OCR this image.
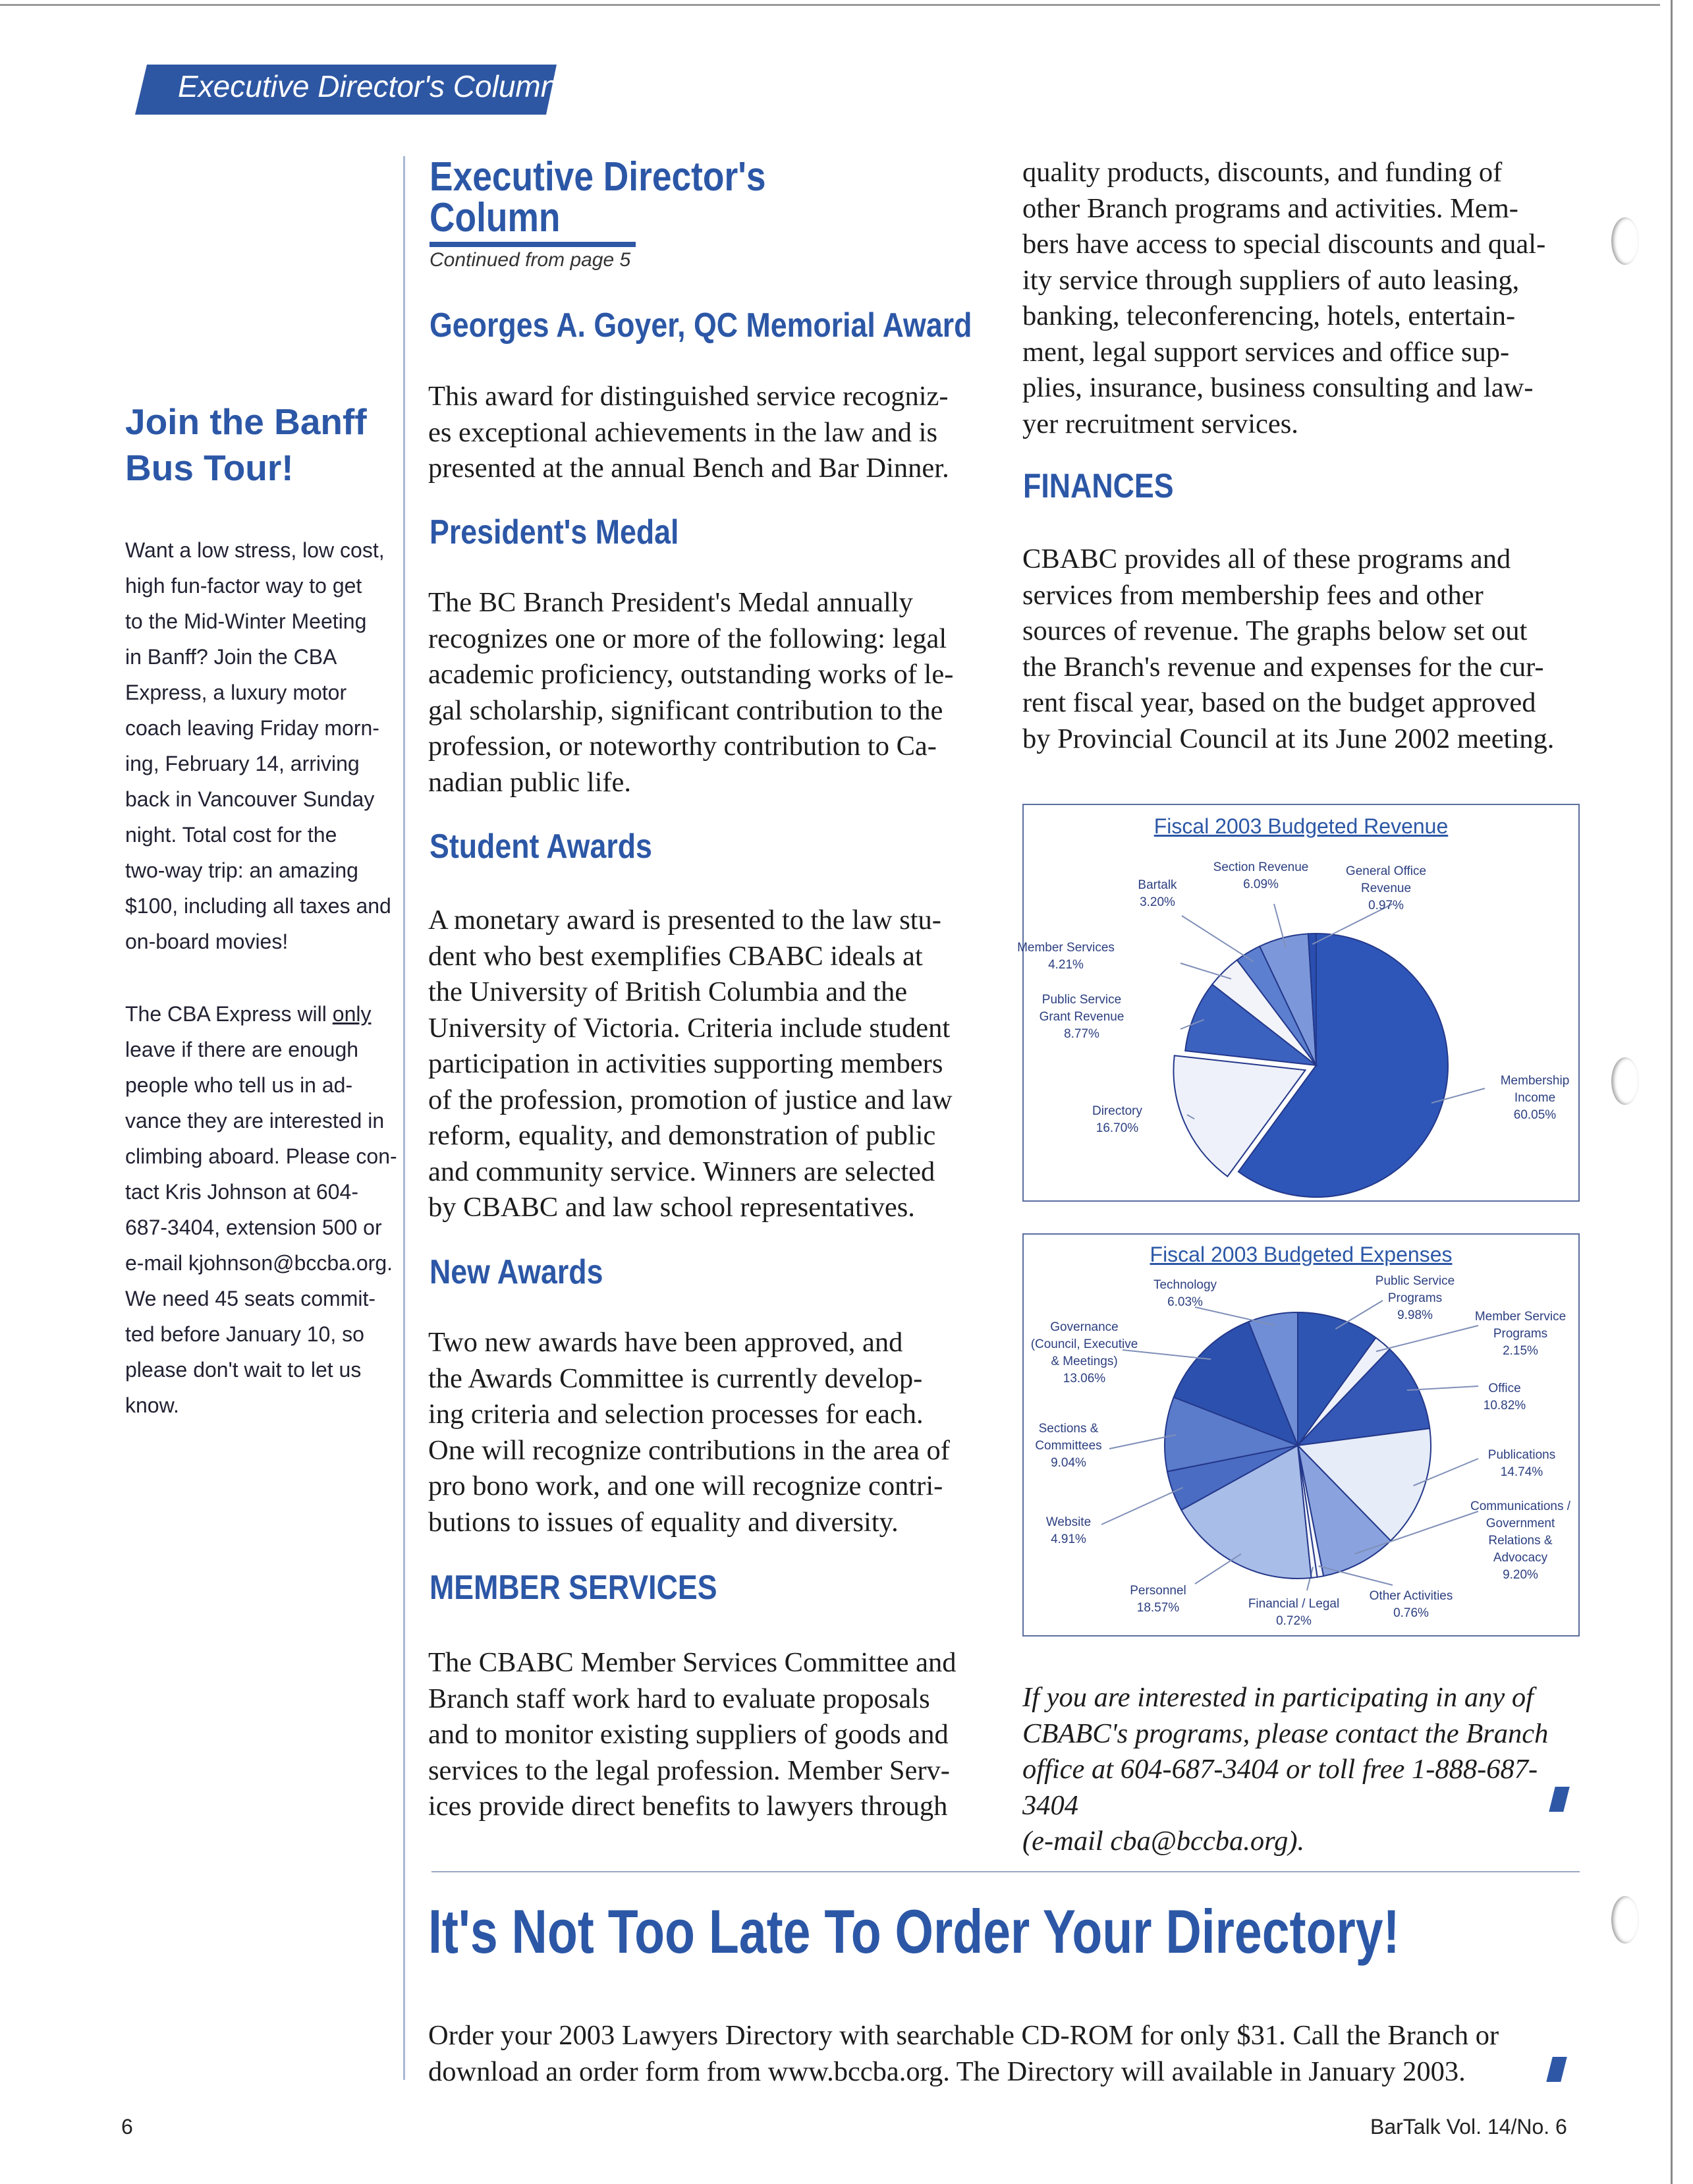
Executive Director's Column
Join the Banff Bus Tour!
Want a low stress, low cost,
high fun-factor way to get
to the Mid-Winter Meeting
in Banff? Join the CBA
Express, a luxury motor
coach leaving Friday morn-
ing, February 14, arriving
back in Vancouver Sunday
night. Total cost for the
two-way trip: an amazing
$100, including all taxes and
on-board movies!
The CBA Express will only
leave if there are enough
people who tell us in ad-
vance they are interested in
climbing aboard. Please con-
tact Kris Johnson at 604-
687-3404, extension 500 or
e-mail kjohnson@bccba.org.
We need 45 seats commit-
ted before January 10, so
please don't wait to let us
know.
Executive Director's
Column
Continued from page 5
Georges A. Goyer, QC Memorial Award
This award for distinguished service recogniz-
es exceptional achievements in the law and is
presented at the annual Bench and Bar Dinner.
President's Medal
The BC Branch President's Medal annually
recognizes one or more of the following: legal
academic proficiency, outstanding works of le-
gal scholarship, significant contribution to the
profession, or noteworthy contribution to Ca-
nadian public life.
Student Awards
A monetary award is presented to the law stu-
dent who best exemplifies CBABC ideals at
the University of British Columbia and the
University of Victoria. Criteria include student
participation in activities supporting members
of the profession, promotion of justice and law
reform, equality, and demonstration of public
and community service. Winners are selected
by CBABC and law school representatives.
New Awards
Two new awards have been approved, and
the Awards Committee is currently develop-
ing criteria and selection processes for each.
One will recognize contributions in the area of
pro bono work, and one will recognize contri-
butions to issues of equality and diversity.
MEMBER SERVICES
The CBABC Member Services Committee and
Branch staff work hard to evaluate proposals
and to monitor existing suppliers of goods and
services to the legal profession. Member Serv-
ices provide direct benefits to lawyers through
quality products, discounts, and funding of
other Branch programs and activities. Mem-
bers have access to special discounts and qual-
ity service through suppliers of auto leasing,
banking, teleconferencing, hotels, entertain-
ment, legal support services and office sup-
plies, insurance, business consulting and law-
yer recruitment services.
FINANCES
CBABC provides all of these programs and
services from membership fees and other
sources of revenue. The graphs below set out
the Branch's revenue and expenses for the cur-
rent fiscal year, based on the budget approved
by Provincial Council at its June 2002 meeting.
Fiscal 2003 Budgeted Revenue
Membership
Income
60.05%
Directory
16.70%
Public Service
Grant Revenue
8.77%
Member Services
4.21%
Bartalk
3.20%
Section Revenue
6.09%
General Office
Revenue
0.97%
Fiscal 2003 Budgeted Expenses
Public Service
Programs
9.98%	Member Service
Programs
2.15%
Office
10.82%
Publications
14.74%
Communications /
Government
Relations &
Advocacy
9.20%
Other Activities
0.76%
Financial / Legal
0.72%
Personnel
18.57%
Website
4.91%
Sections &
Committees
9.04%
Governance
(Council, Executive
& Meetings)
13.06%
Technology
6.03%
If you are interested in participating in any of
CBABC's programs, please contact the Branch
office at 604-687-3404 or toll free 1-888-687-3404
(e-mail cba@bccba.org).
It's Not Too Late To Order Your Directory!
Order your 2003 Lawyers Directory with searchable CD-ROM for only $31. Call the Branch or
download an order form from www.bccba.org. The Directory will available in January 2003.
6	BarTalk Vol. 14/No. 6
